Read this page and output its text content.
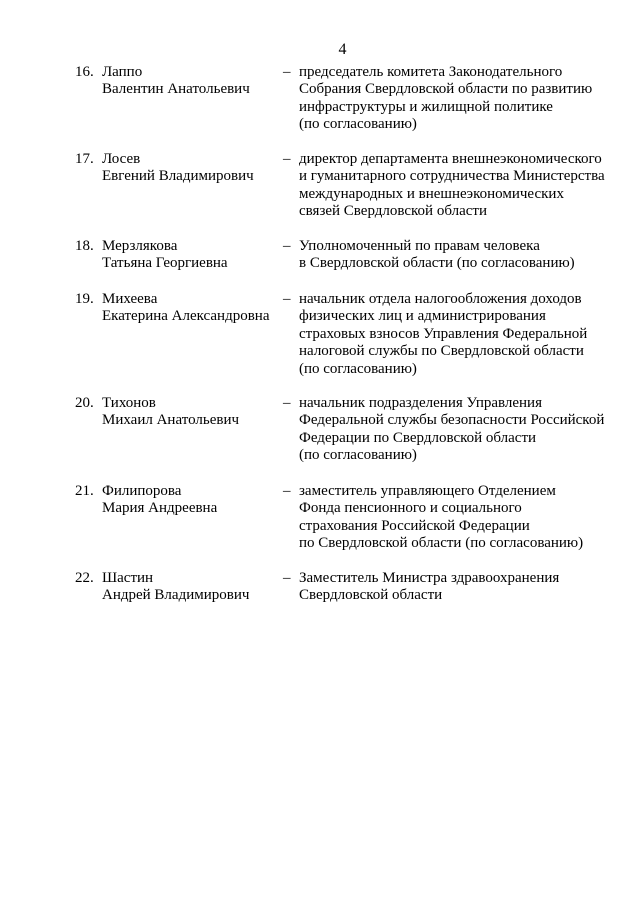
4
16. Лаппо
Валентин Анатольевич
– председатель комитета Законодательного
Собрания Свердловской области по развитию
инфраструктуры и жилищной политике
(по согласованию)
17. Лосев
Евгений Владимирович
– директор департамента внешнеэкономического
и гуманитарного сотрудничества Министерства
международных и внешнеэкономических
связей Свердловской области
18. Мерзлякова
Татьяна Георгиевна
– Уполномоченный по правам человека
в Свердловской области (по согласованию)
19. Михеева
Екатерина Александровна
– начальник отдела налогообложения доходов
физических лиц и администрирования
страховых взносов Управления Федеральной
налоговой службы по Свердловской области
(по согласованию)
20. Тихонов
Михаил Анатольевич
– начальник подразделения Управления
Федеральной службы безопасности Российской
Федерации по Свердловской области
(по согласованию)
21. Филипорова
Мария Андреевна
– заместитель управляющего Отделением
Фонда пенсионного и социального
страхования Российской Федерации
по Свердловской области (по согласованию)
22. Шастин
Андрей Владимирович
– Заместитель Министра здравоохранения
Свердловской области
